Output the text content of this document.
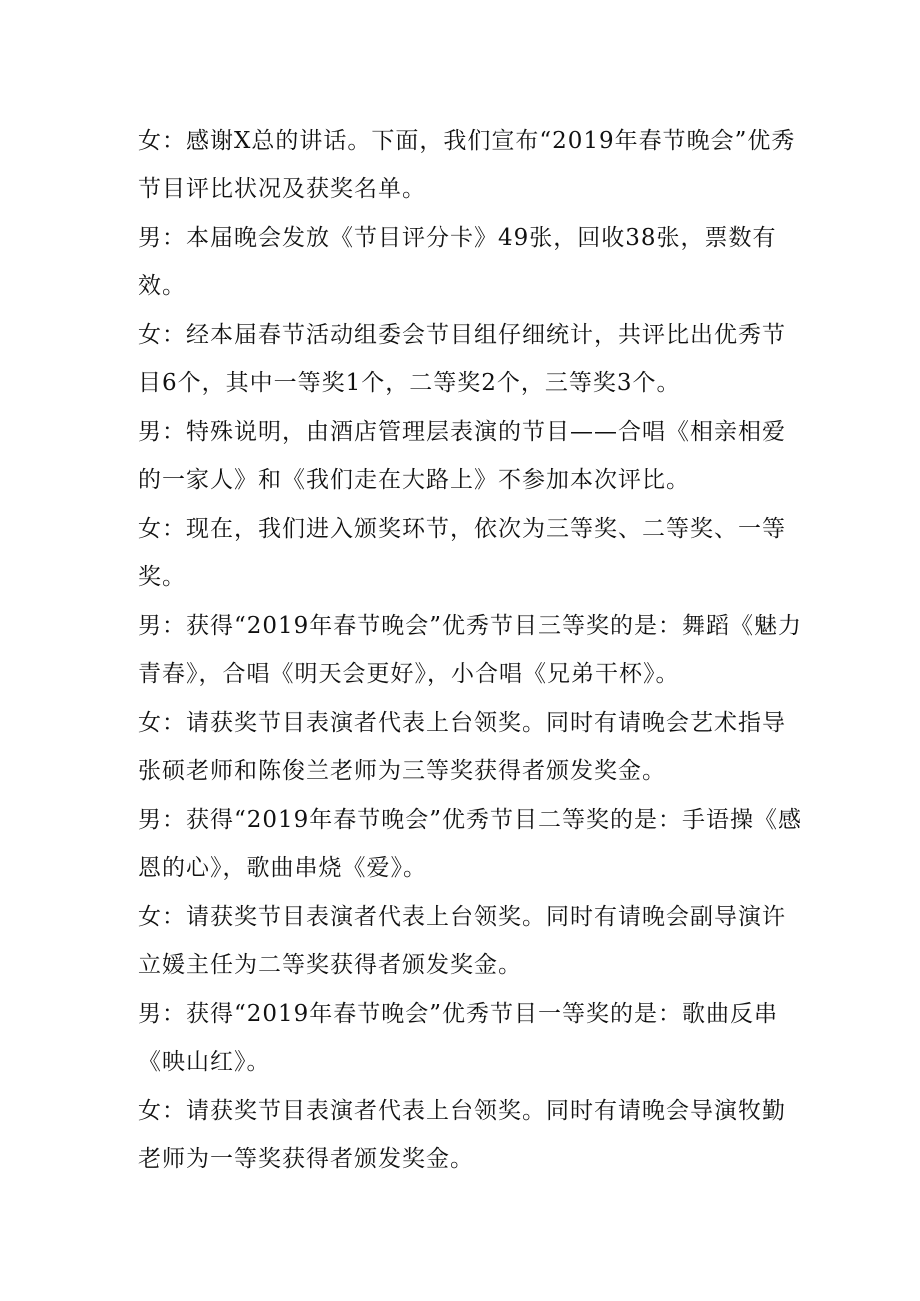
女：感谢X总的讲话。下面，我们宣布“2019年春节晚会”优秀
节目评比状况及获奖名单。

男：本届晚会发放《节目评分卡》49张，回收38张，票数有
效。

女：经本届春节活动组委会节目组仔细统计，共评比出优秀节
目6个，其中一等奖1个，二等奖2个，三等奖3个。

男：特殊说明，由酒店管理层表演的节目——合唱《相亲相爱
的一家人》和《我们走在大路上》不参加本次评比。

女：现在，我们进入颁奖环节，依次为三等奖、二等奖、一等
奖。

男：获得“2019年春节晚会”优秀节目三等奖的是：舞蹈《魅力
青春》，合唱《明天会更好》，小合唱《兄弟干杯》。

女：请获奖节目表演者代表上台领奖。同时有请晚会艺术指导
张硕老师和陈俊兰老师为三等奖获得者颁发奖金。

男：获得“2019年春节晚会”优秀节目二等奖的是：手语操《感
恩的心》，歌曲串烧《爱》。

女：请获奖节目表演者代表上台领奖。同时有请晚会副导演许
立媛主任为二等奖获得者颁发奖金。

男：获得“2019年春节晚会”优秀节目一等奖的是：歌曲反串
《映山红》。

女：请获奖节目表演者代表上台领奖。同时有请晚会导演牧勤
老师为一等奖获得者颁发奖金。
